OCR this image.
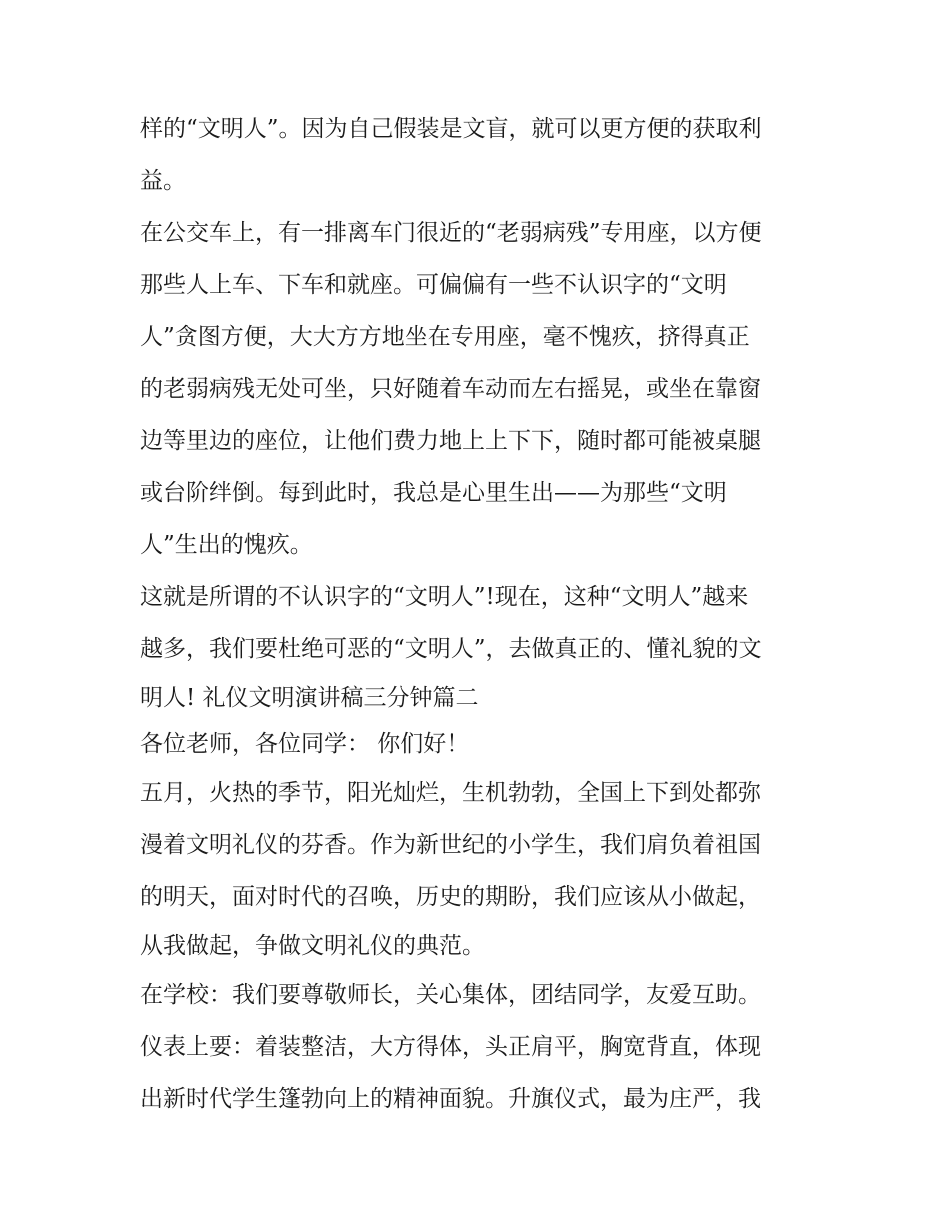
样的“文明人”。因为自己假装是文盲，就可以更方便的获取利
益。
在公交车上，有一排离车门很近的“老弱病残”专用座，以方便
那些人上车、下车和就座。可偏偏有一些不认识字的“文明
人”贪图方便，大大方方地坐在专用座，毫不愧疚，挤得真正
的老弱病残无处可坐，只好随着车动而左右摇晃，或坐在靠窗
边等里边的座位，让他们费力地上上下下，随时都可能被桌腿
或台阶绊倒。每到此时，我总是心里生出——为那些“文明
人”生出的愧疚。
这就是所谓的不认识字的“文明人”!现在，这种“文明人”越来
越多，我们要杜绝可恶的“文明人”，去做真正的、懂礼貌的文
明人! 礼仪文明演讲稿三分钟篇二
各位老师，各位同学： 你们好！
五月，火热的季节，阳光灿烂，生机勃勃，全国上下到处都弥
漫着文明礼仪的芬香。作为新世纪的小学生，我们肩负着祖国
的明天，面对时代的召唤，历史的期盼，我们应该从小做起，
从我做起，争做文明礼仪的典范。
在学校：我们要尊敬师长，关心集体，团结同学，友爱互助。
仪表上要：着装整洁，大方得体，头正肩平，胸宽背直，体现
出新时代学生篷勃向上的精神面貌。升旗仪式，最为庄严，我
